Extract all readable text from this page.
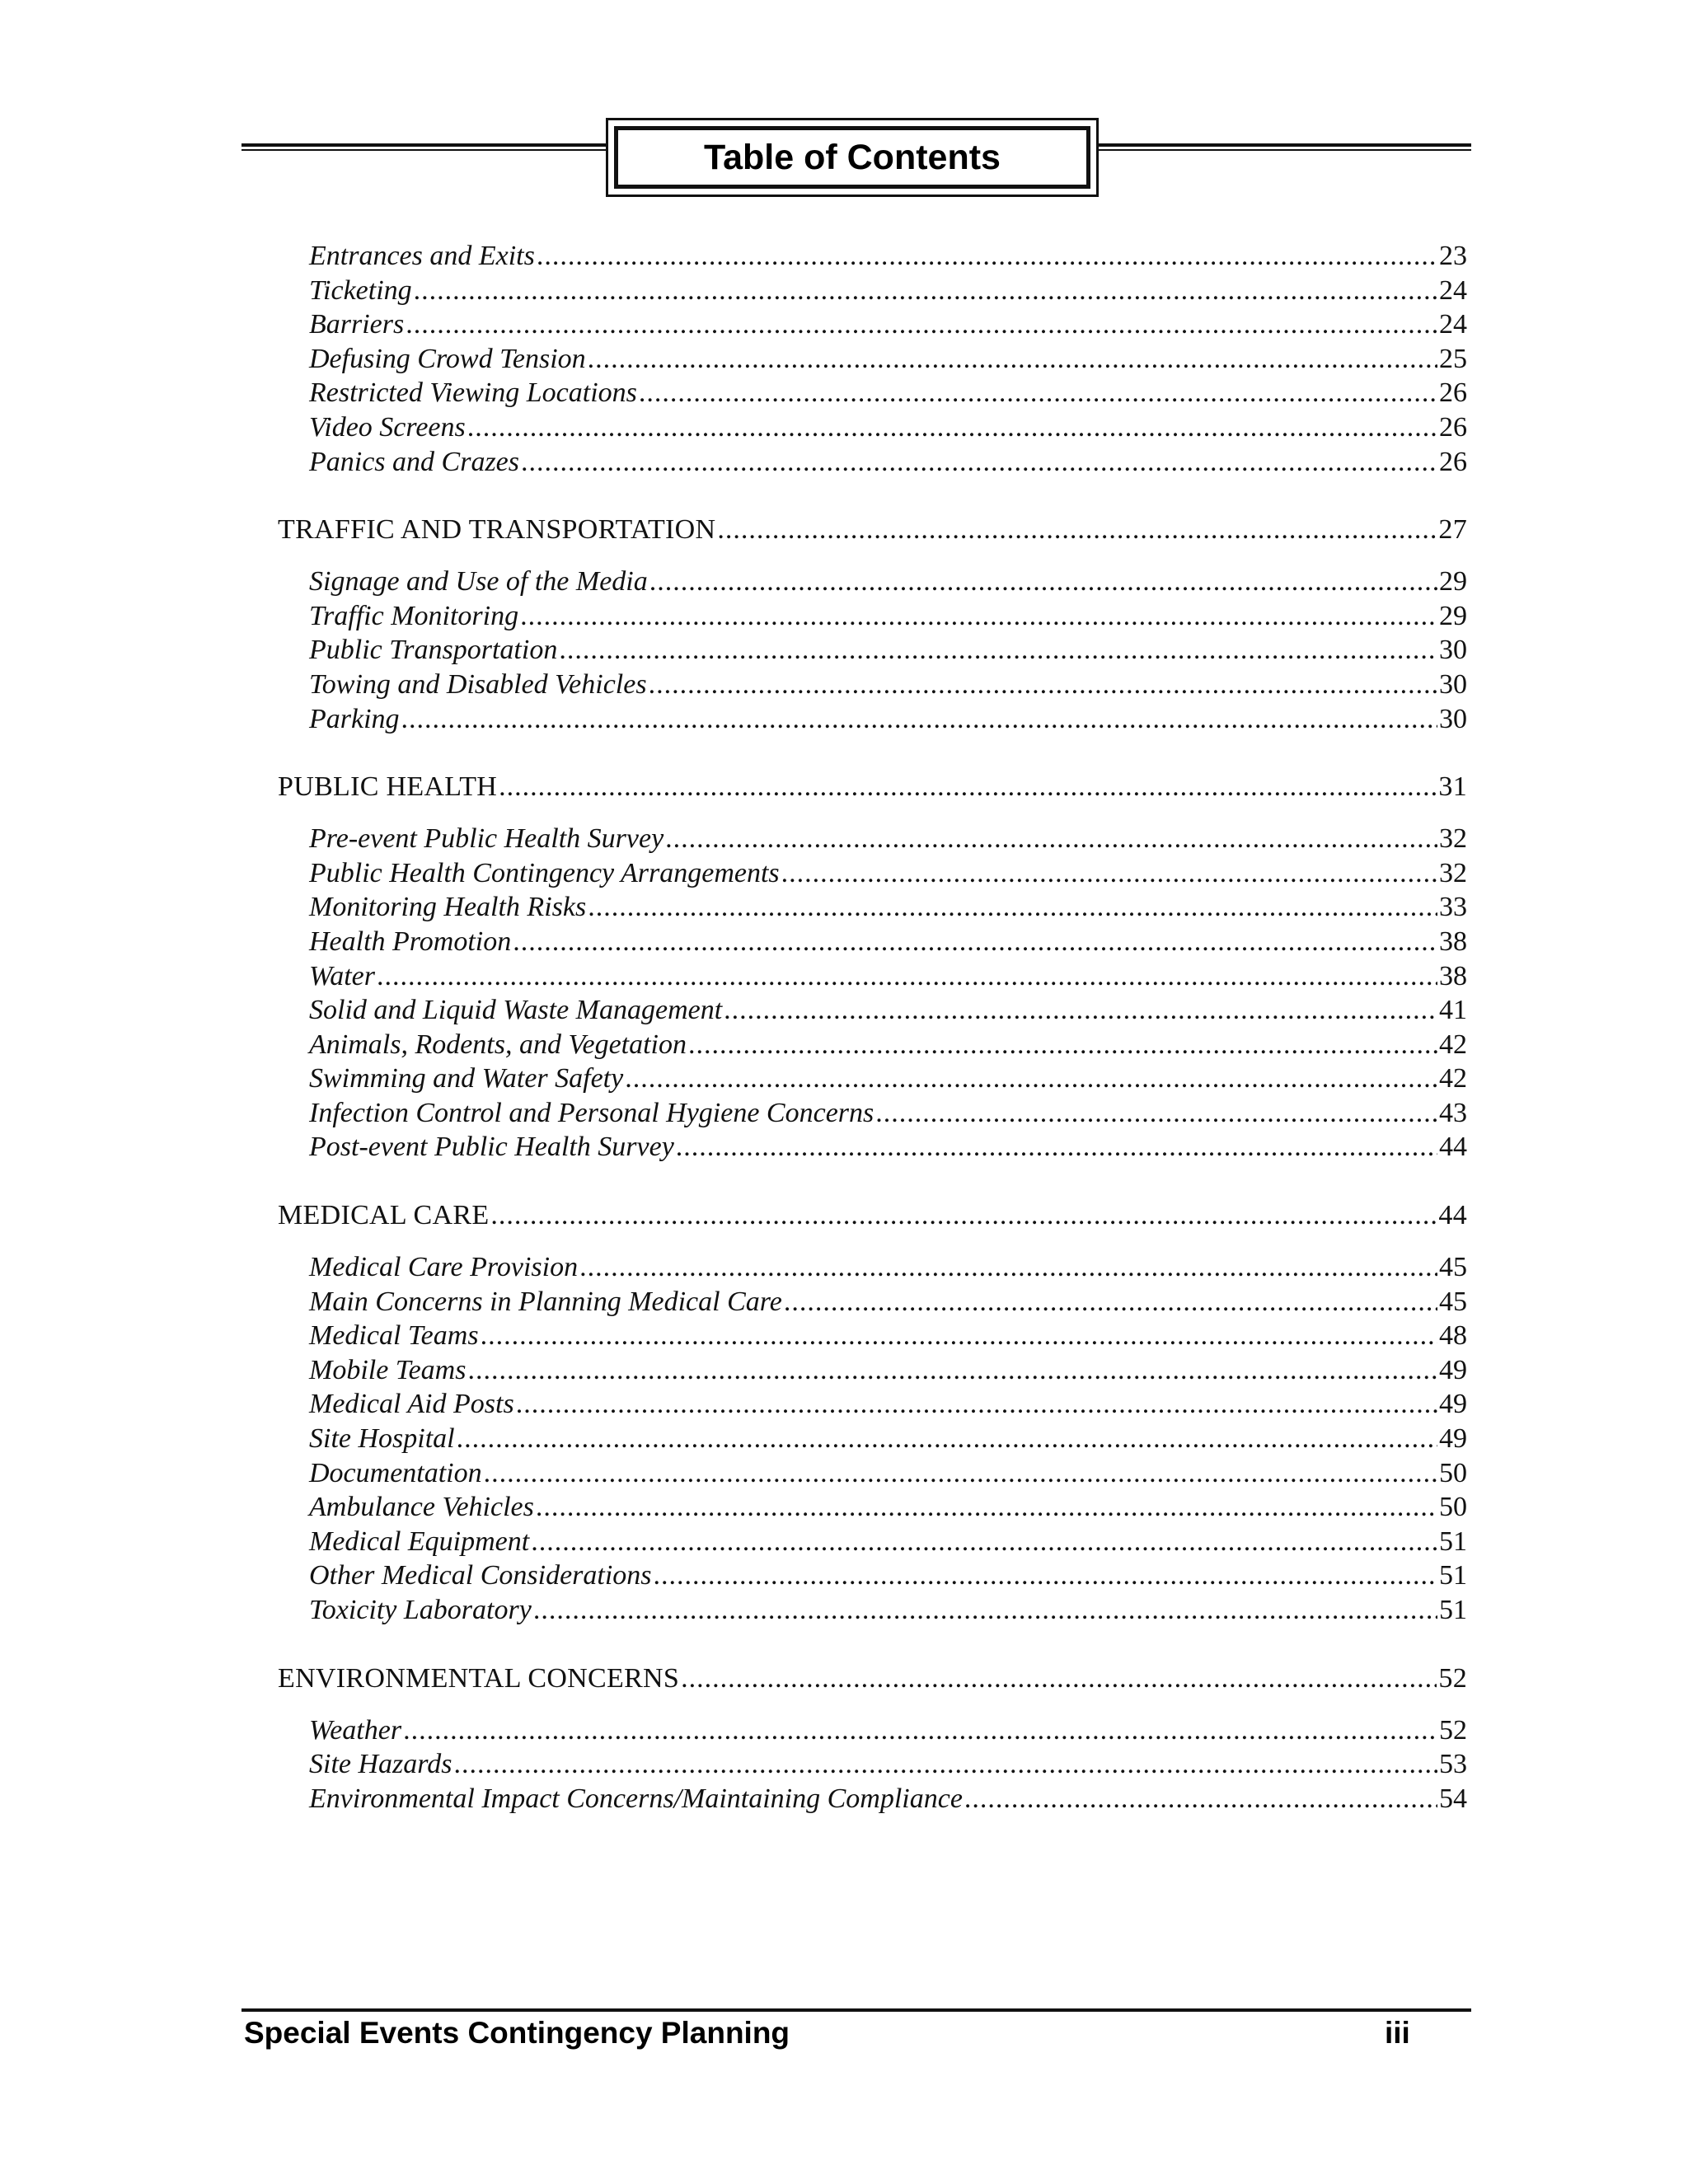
Table of Contents
Entrances and Exits .....	23
Ticketing .....	24
Barriers .....	24
Defusing Crowd Tension .....	25
Restricted Viewing Locations .....	26
Video Screens .....	26
Panics and Crazes .....	26
TRAFFIC AND TRANSPORTATION .....	27
Signage and Use of the Media .....	29
Traffic Monitoring .....	29
Public Transportation .....	30
Towing and Disabled Vehicles .....	30
Parking .....	30
PUBLIC HEALTH .....	31
Pre-event Public Health Survey .....	32
Public Health Contingency Arrangements .....	32
Monitoring Health Risks .....	33
Health Promotion .....	38
Water .....	38
Solid and Liquid Waste Management .....	41
Animals, Rodents, and Vegetation .....	42
Swimming and Water Safety .....	42
Infection Control and Personal Hygiene Concerns .....	43
Post-event Public Health Survey .....	44
MEDICAL CARE .....	44
Medical Care Provision .....	45
Main Concerns in Planning Medical Care .....	45
Medical Teams .....	48
Mobile Teams .....	49
Medical Aid Posts .....	49
Site Hospital .....	49
Documentation .....	50
Ambulance Vehicles .....	50
Medical Equipment .....	51
Other Medical Considerations .....	51
Toxicity Laboratory .....	51
ENVIRONMENTAL CONCERNS .....	52
Weather .....	52
Site Hazards .....	53
Environmental Impact Concerns/Maintaining Compliance .....	54
Special Events Contingency Planning	iii
